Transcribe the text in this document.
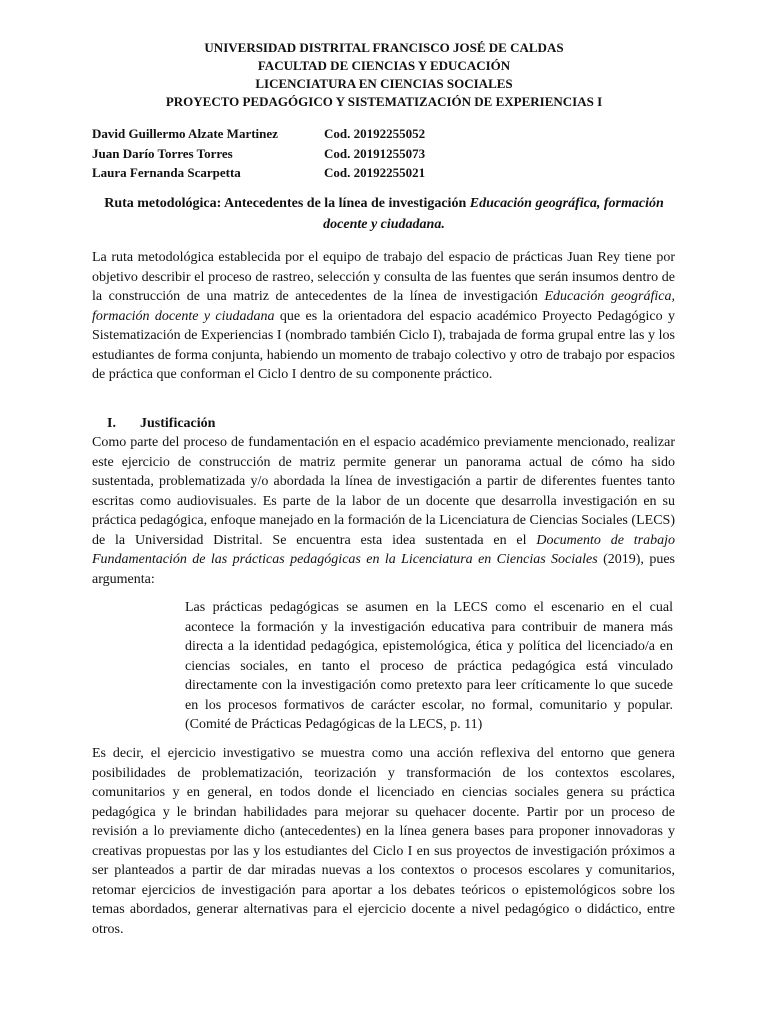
UNIVERSIDAD DISTRITAL FRANCISCO JOSÉ DE CALDAS
FACULTAD DE CIENCIAS Y EDUCACIÓN
LICENCIATURA EN CIENCIAS SOCIALES
PROYECTO PEDAGÓGICO Y SISTEMATIZACIÓN DE EXPERIENCIAS I
David Guillermo Alzate Martinez	Cod. 20192255052
Juan Darío Torres Torres	Cod. 20191255073
Laura Fernanda Scarpetta	Cod. 20192255021
Ruta metodológica: Antecedentes de la línea de investigación Educación geográfica, formación docente y ciudadana.

La ruta metodológica establecida por el equipo de trabajo del espacio de prácticas Juan Rey tiene por objetivo describir el proceso de rastreo, selección y consulta de las fuentes que serán insumos dentro de la construcción de una matriz de antecedentes de la línea de investigación Educación geográfica, formación docente y ciudadana que es la orientadora del espacio académico Proyecto Pedagógico y Sistematización de Experiencias I (nombrado también Ciclo I), trabajada de forma grupal entre las y los estudiantes de forma conjunta, habiendo un momento de trabajo colectivo y otro de trabajo por espacios de práctica que conforman el Ciclo I dentro de su componente práctico.

I.	Justificación

Como parte del proceso de fundamentación en el espacio académico previamente mencionado, realizar este ejercicio de construcción de matriz permite generar un panorama actual de cómo ha sido sustentada, problematizada y/o abordada la línea de investigación a partir de diferentes fuentes tanto escritas como audiovisuales. Es parte de la labor de un docente que desarrolla investigación en su práctica pedagógica, enfoque manejado en la formación de la Licenciatura de Ciencias Sociales (LECS) de la Universidad Distrital. Se encuentra esta idea sustentada en el Documento de trabajo Fundamentación de las prácticas pedagógicas en la Licenciatura en Ciencias Sociales (2019), pues argumenta:

Las prácticas pedagógicas se asumen en la LECS como el escenario en el cual acontece la formación y la investigación educativa para contribuir de manera más directa a la identidad pedagógica, epistemológica, ética y política del licenciado/a en ciencias sociales, en tanto el proceso de práctica pedagógica está vinculado directamente con la investigación como pretexto para leer críticamente lo que sucede en los procesos formativos de carácter escolar, no formal, comunitario y popular. (Comité de Prácticas Pedagógicas de la LECS, p. 11)

Es decir, el ejercicio investigativo se muestra como una acción reflexiva del entorno que genera posibilidades de problematización, teorización y transformación de los contextos escolares, comunitarios y en general, en todos donde el licenciado en ciencias sociales genera su práctica pedagógica y le brindan habilidades para mejorar su quehacer docente. Partir por un proceso de revisión a lo previamente dicho (antecedentes) en la línea genera bases para proponer innovadoras y creativas propuestas por las y los estudiantes del Ciclo I en sus proyectos de investigación próximos a ser planteados a partir de dar miradas nuevas a los contextos o procesos escolares y comunitarios, retomar ejercicios de investigación para aportar a los debates teóricos o epistemológicos sobre los temas abordados, generar alternativas para el ejercicio docente a nivel pedagógico o didáctico, entre otros.
